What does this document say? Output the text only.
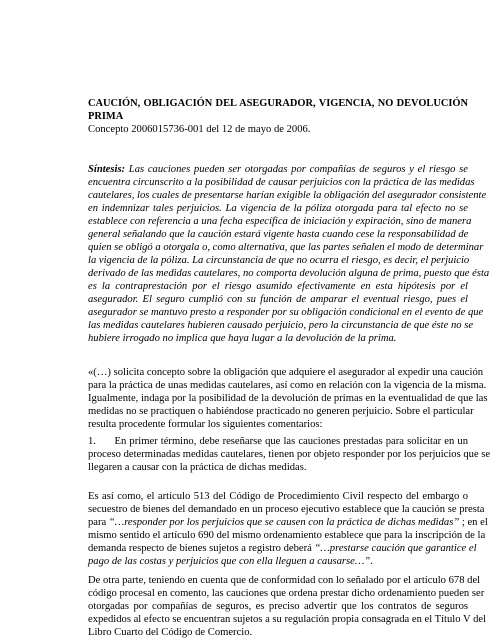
CAUCIÓN, OBLIGACIÓN DEL ASEGURADOR, VIGENCIA, NO DEVOLUCIÓN
PRIMA
Concepto 2006015736-001 del 12 de mayo de 2006.
Síntesis: Las cauciones pueden ser otorgadas por compañías de seguros y el riesgo se
encuentra circunscrito a la posibilidad de causar perjuicios con la práctica de las medidas
cautelares, los cuales de presentarse harían exigible la obligación del asegurador consistente
en indemnizar tales perjuicios. La vigencia de la póliza otorgada para tal efecto no se
establece con referencia a una fecha específica de iniciación y expiración, sino de manera
general señalando que la caución estará vigente hasta cuando cese la responsabilidad de
quien se obligó a otorgala o, como alternativa, que las partes señalen el modo de determinar
la vigencia de la póliza. La circunstancia de que no ocurra el riesgo, es decir, el perjuicio
derivado de las medidas cautelares, no comporta devolución alguna de prima, puesto que ésta
es la contraprestación por el riesgo asumido efectivamente en esta hipótesis por el
asegurador. El seguro cumplió con su función de amparar el eventual riesgo, pues el
asegurador se mantuvo presto a responder por su obligación condicional en el evento de que
las medidas cautelares hubieren causado perjuicio, pero la circunstancia de que éste no se
hubiere irrogado no implica que haya lugar a la devolución de la prima.
«(…) solicita concepto sobre la obligación que adquiere el asegurador al expedir una caución
para la práctica de unas medidas cautelares, así como en relación con la vigencia de la misma.
Igualmente, indaga por la posibilidad de la devolución de primas en la eventualidad de que las
medidas no se practiquen o habiéndose practicado no generen perjuicio. Sobre el particular
resulta procedente formular los siguientes comentarios:
1.      En primer término, debe reseñarse que las cauciones prestadas para solicitar en un
proceso determinadas medidas cautelares, tienen por objeto responder por los perjuicios que se
llegaren a causar con la práctica de dichas medidas.
Es así como, el artículo 513 del Código de Procedimiento Civil respecto del embargo o
secuestro de bienes del demandado en un proceso ejecutivo establece que la caución se presta
para “…responder por los perjuicios que se causen con la práctica de dichas medidas” ; en el
mismo sentido el artículo 690 del mismo ordenamiento establece que para la inscripción de la
demanda respecto de bienes sujetos a registro deberá “…prestarse caución que garantice el
pago de las costas y perjuicios que con ella lleguen a causarse…”.
De otra parte, teniendo en cuenta que de conformidad con lo señalado por el artículo 678 del
código procesal en comento, las cauciones que ordena prestar dicho ordenamiento pueden ser
otorgadas por compañías de seguros, es preciso advertir que los contratos de seguros
expedidos al efecto se encuentran sujetos a su regulación propia consagrada en el Título V del
Libro Cuarto del Código de Comercio.
